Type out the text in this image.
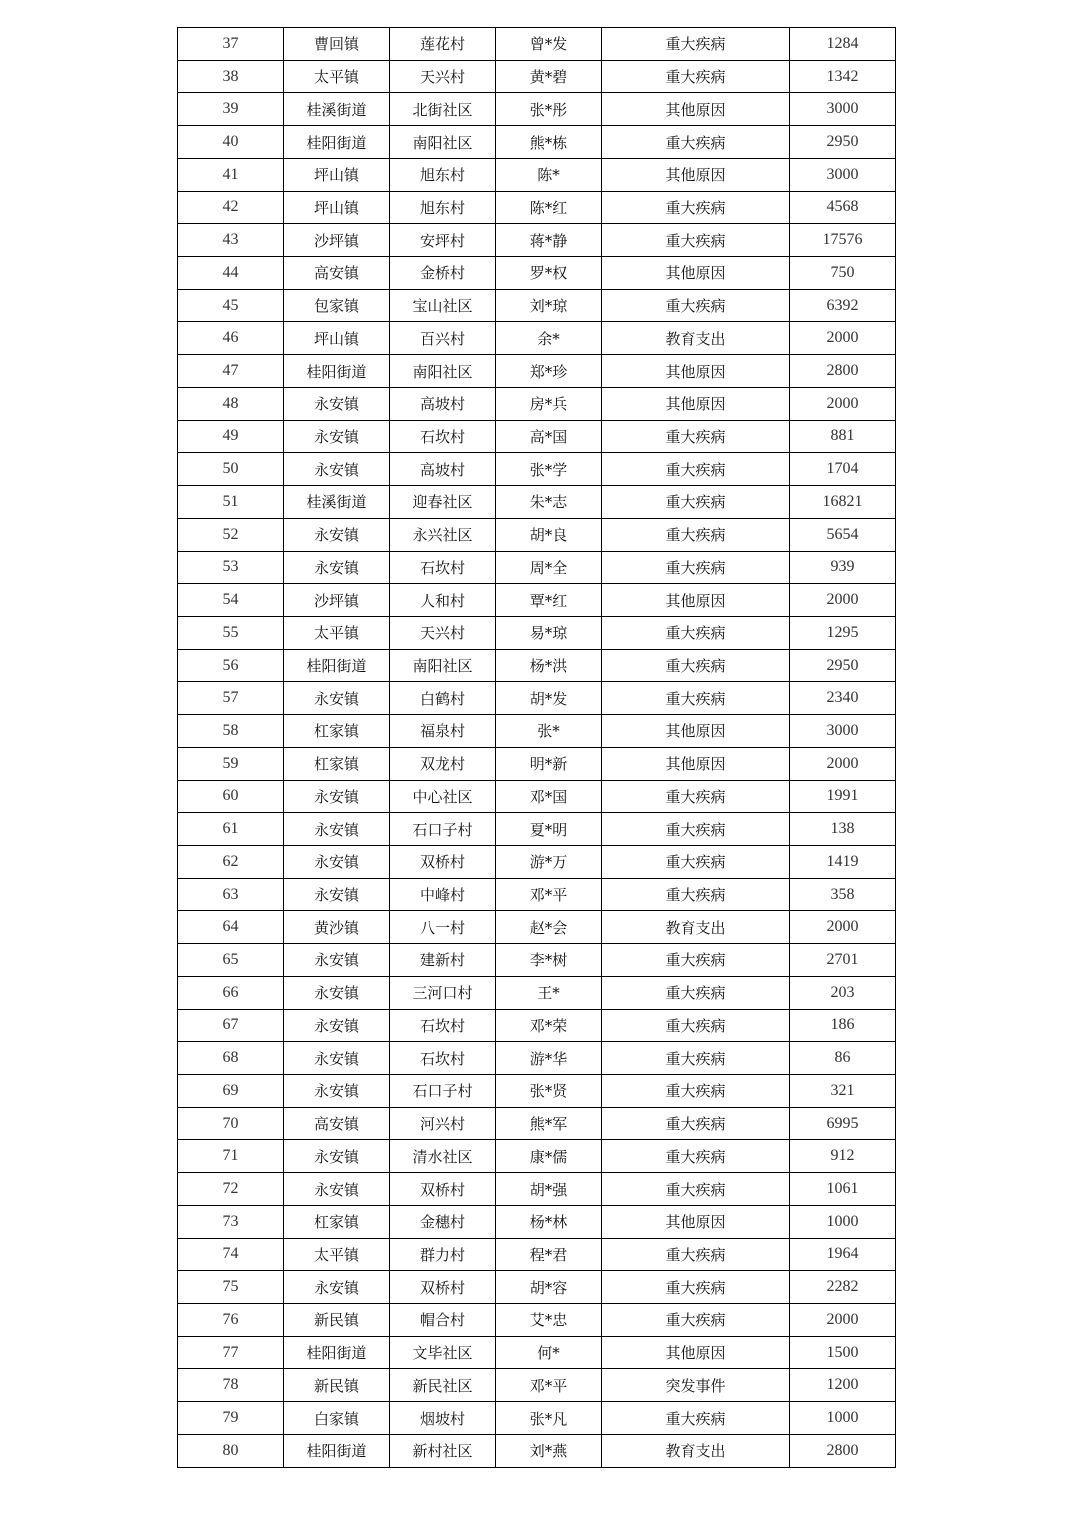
37	曹回镇	莲花村	曾*发	重大疾病	1284
38	太平镇	天兴村	黄*碧	重大疾病	1342
39	桂溪街道	北街社区	张*彤	其他原因	3000
40	桂阳街道	南阳社区	熊*栋	重大疾病	2950
41	坪山镇	旭东村	陈*	其他原因	3000
42	坪山镇	旭东村	陈*红	重大疾病	4568
43	沙坪镇	安坪村	蒋*静	重大疾病	17576
44	高安镇	金桥村	罗*权	其他原因	750
45	包家镇	宝山社区	刘*琼	重大疾病	6392
46	坪山镇	百兴村	余*	教育支出	2000
47	桂阳街道	南阳社区	郑*珍	其他原因	2800
48	永安镇	高坡村	房*兵	其他原因	2000
49	永安镇	石坎村	高*国	重大疾病	881
50	永安镇	高坡村	张*学	重大疾病	1704
51	桂溪街道	迎春社区	朱*志	重大疾病	16821
52	永安镇	永兴社区	胡*良	重大疾病	5654
53	永安镇	石坎村	周*全	重大疾病	939
54	沙坪镇	人和村	覃*红	其他原因	2000
55	太平镇	天兴村	易*琼	重大疾病	1295
56	桂阳街道	南阳社区	杨*洪	重大疾病	2950
57	永安镇	白鹤村	胡*发	重大疾病	2340
58	杠家镇	福泉村	张*	其他原因	3000
59	杠家镇	双龙村	明*新	其他原因	2000
60	永安镇	中心社区	邓*国	重大疾病	1991
61	永安镇	石口子村	夏*明	重大疾病	138
62	永安镇	双桥村	游*万	重大疾病	1419
63	永安镇	中峰村	邓*平	重大疾病	358
64	黄沙镇	八一村	赵*会	教育支出	2000
65	永安镇	建新村	李*树	重大疾病	2701
66	永安镇	三河口村	王*	重大疾病	203
67	永安镇	石坎村	邓*荣	重大疾病	186
68	永安镇	石坎村	游*华	重大疾病	86
69	永安镇	石口子村	张*贤	重大疾病	321
70	高安镇	河兴村	熊*军	重大疾病	6995
71	永安镇	清水社区	康*儒	重大疾病	912
72	永安镇	双桥村	胡*强	重大疾病	1061
73	杠家镇	金穗村	杨*林	其他原因	1000
74	太平镇	群力村	程*君	重大疾病	1964
75	永安镇	双桥村	胡*容	重大疾病	2282
76	新民镇	帽合村	艾*忠	重大疾病	2000
77	桂阳街道	文毕社区	何*	其他原因	1500
78	新民镇	新民社区	邓*平	突发事件	1200
79	白家镇	烟坡村	张*凡	重大疾病	1000
80	桂阳街道	新村社区	刘*燕	教育支出	2800
